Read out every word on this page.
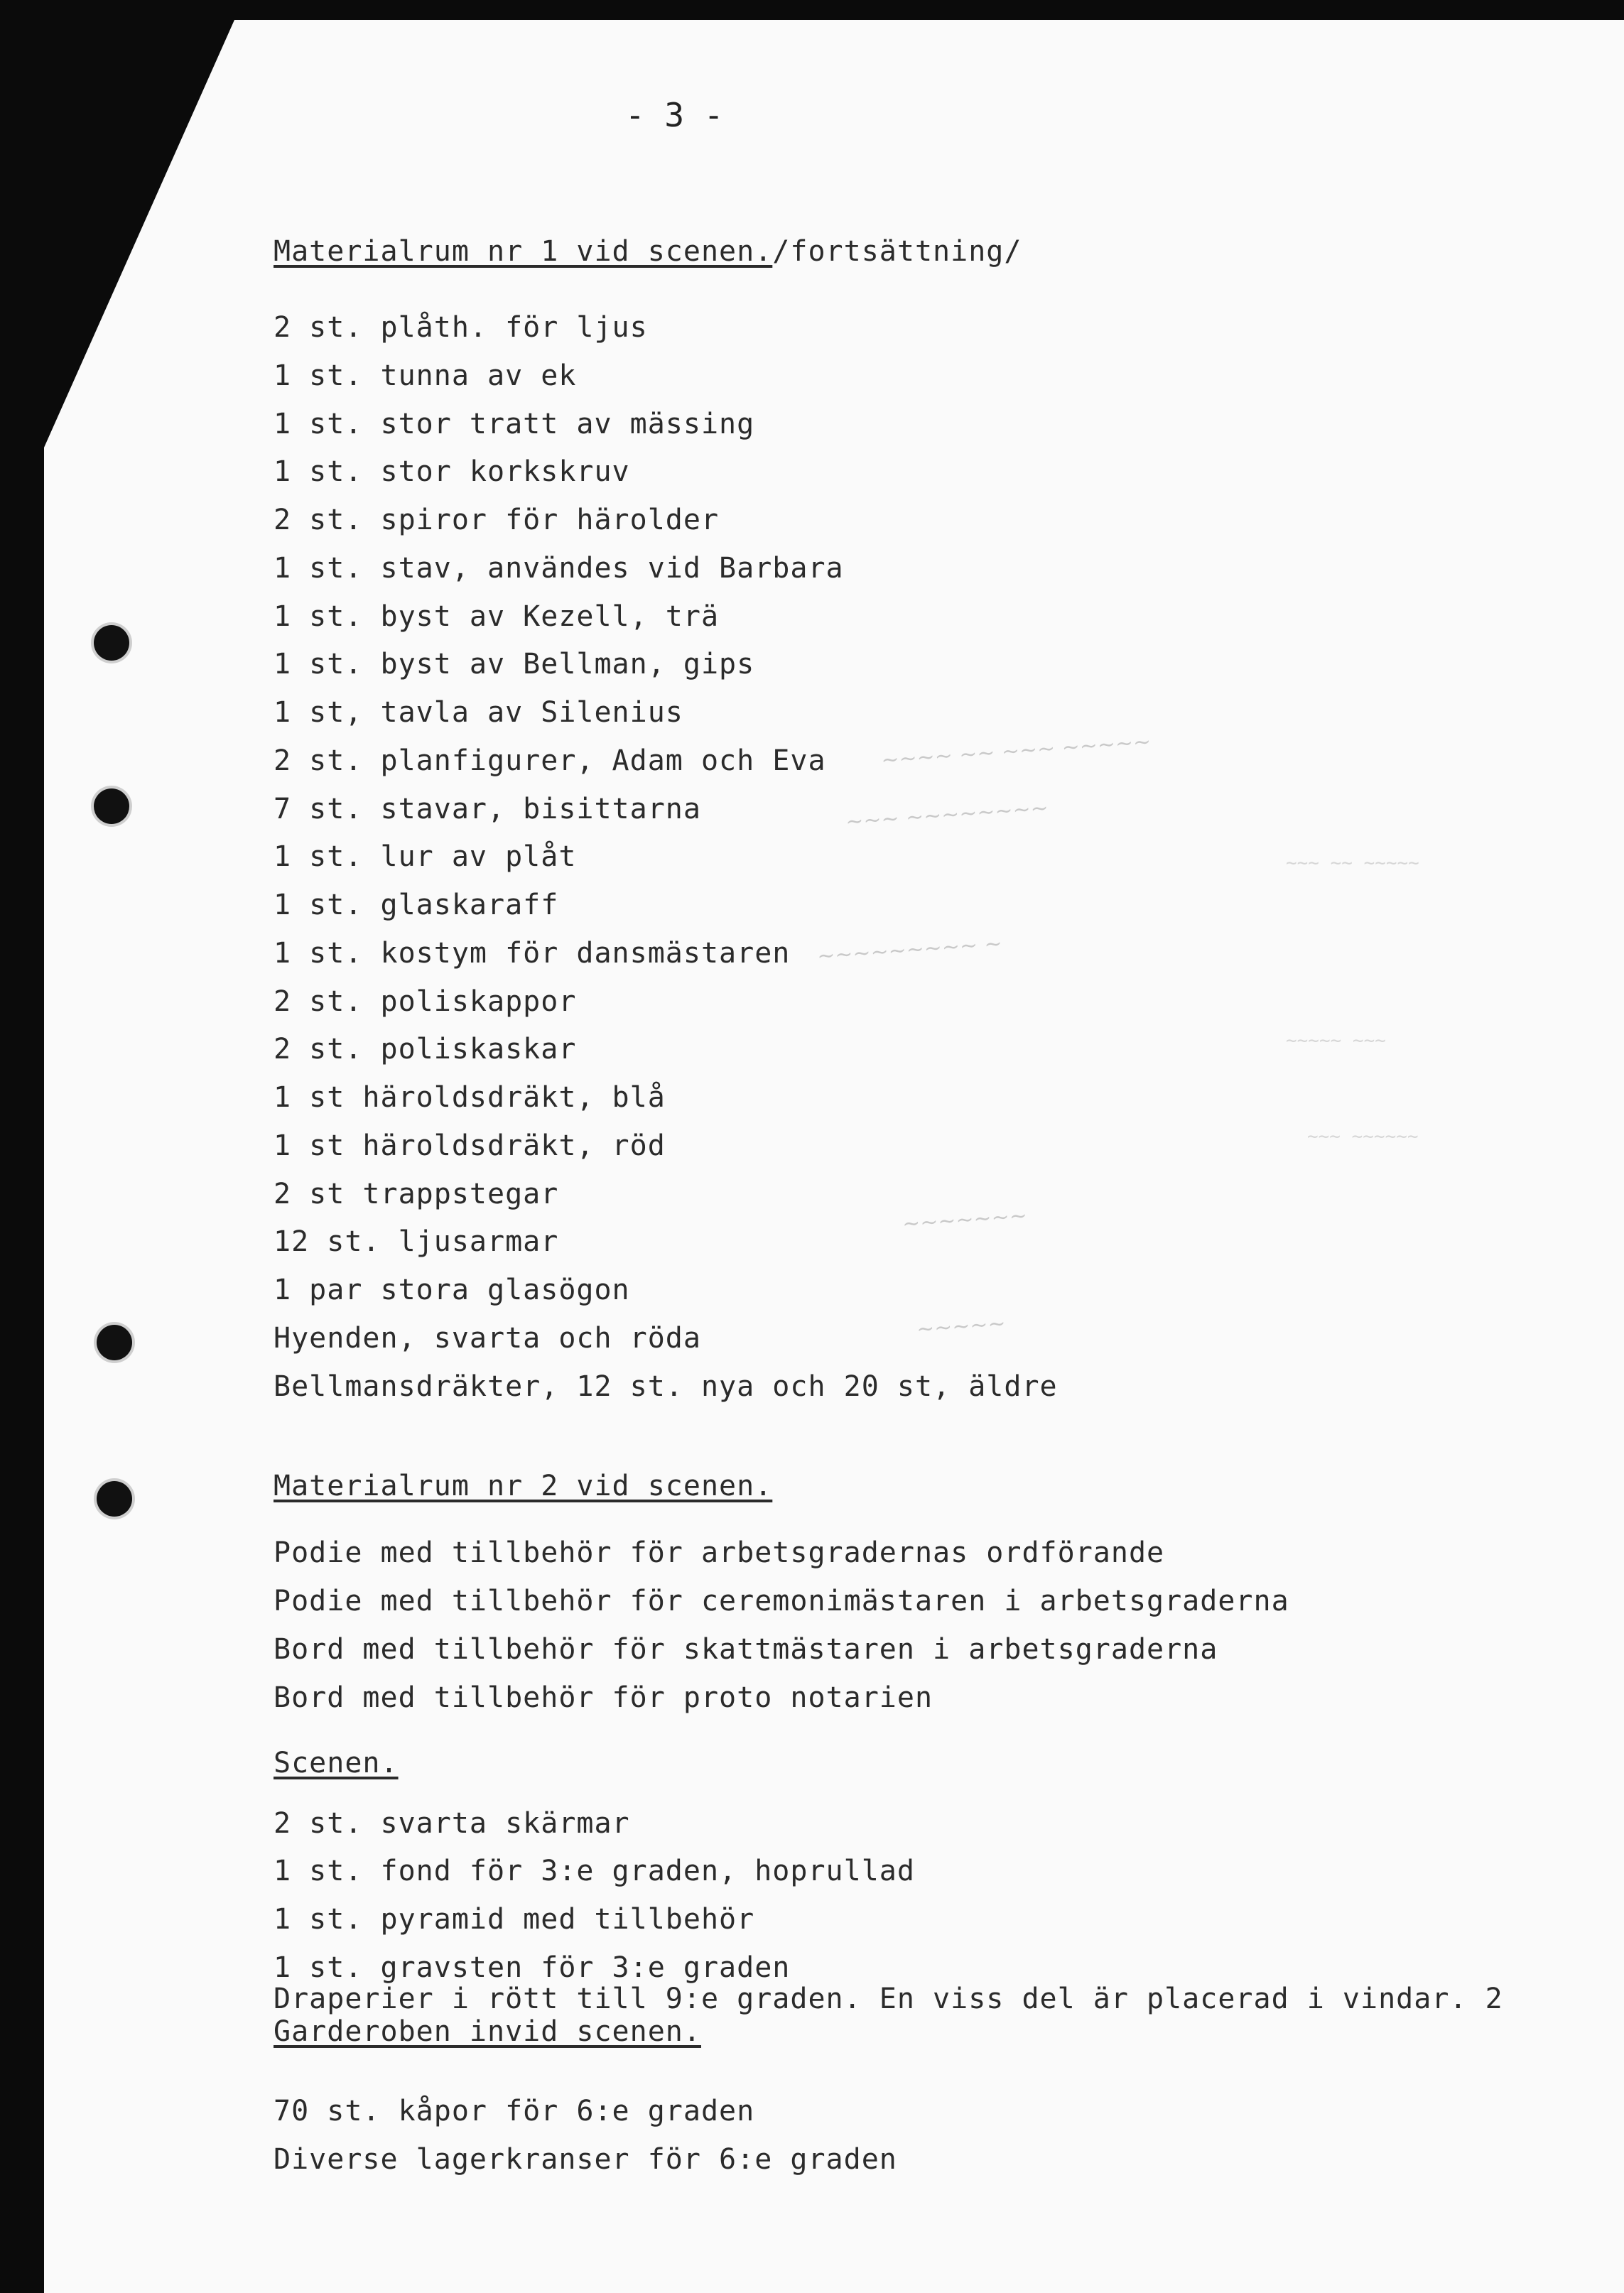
~~~~ ~~ ~~~ ~~~~~
~~~ ~~~~~~~~
~~~~~~~~~ ~
~~~~~~~
~~~~~
~~~ ~~ ~~~~~
~~~~~ ~~~
~~~ ~~~~~~
- 3 -
Materialrum nr 1 vid scenen./fortsättning/
2 st. plåth. för ljus
1 st. tunna av ek
1 st. stor tratt av mässing
1 st. stor korkskruv
2 st. spiror för härolder
1 st. stav, användes vid Barbara
1 st. byst av Kezell, trä
1 st. byst av Bellman, gips
1 st, tavla av Silenius
2 st. planfigurer, Adam och Eva
7 st. stavar, bisittarna
1 st. lur av plåt
1 st. glaskaraff
1 st. kostym för dansmästaren
2 st. poliskappor
2 st. poliskaskar
1 st häroldsdräkt, blå
1 st häroldsdräkt, röd
2 st trappstegar
12 st. ljusarmar
1 par stora glasögon
Hyenden, svarta och röda
Bellmansdräkter, 12 st. nya och 20 st, äldre
Materialrum nr 2 vid scenen.
Podie med tillbehör för arbetsgradernas ordförande
Podie med tillbehör för ceremonimästaren i arbetsgraderna
Bord med tillbehör för skattmästaren i arbetsgraderna
Bord med tillbehör för proto notarien
Scenen.
2 st. svarta skärmar
1 st. fond för 3:e graden, hoprullad
1 st. pyramid med tillbehör
1 st. gravsten för 3:e graden
Draperier i rött till 9:e graden. En viss del är placerad i vindar. 2
Garderoben invid scenen.
70 st. kåpor för 6:e graden
Diverse lagerkranser för 6:e graden
